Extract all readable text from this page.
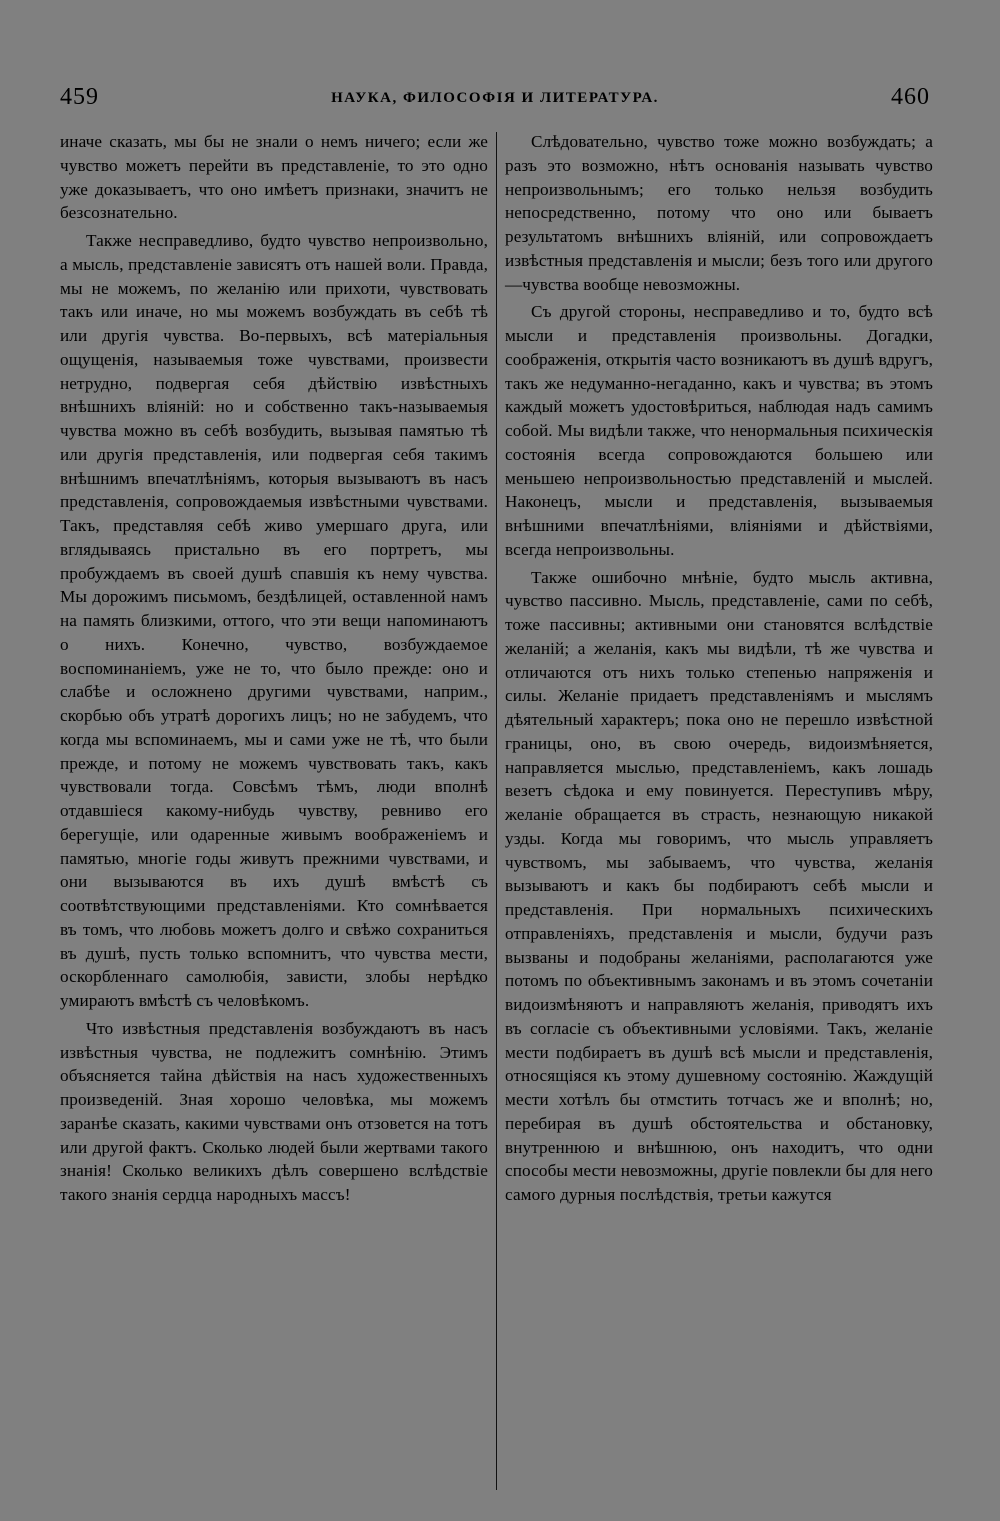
459	НАУКА, ФИЛОСОФІЯ И ЛИТЕРАТУРА.	460

иначе сказать, мы бы не знали о немъ ничего; если же чувство можетъ перейти въ представленіе, то это одно уже доказываетъ, что оно имѣетъ признаки, значитъ не безсознательно.

Также несправедливо, будто чувство непроизвольно, а мысль, представленіе зависятъ отъ нашей воли. Правда, мы не можемъ, по желанію или прихоти, чувствовать такъ или иначе, но мы можемъ возбуждать въ себѣ тѣ или другія чувства. Во-первыхъ, всѣ матеріальныя ощущенія, называемыя тоже чувствами, произвести нетрудно, подвергая себя дѣйствію извѣстныхъ внѣшнихъ вліяній: но и собственно такъ-называемыя чувства можно въ себѣ возбудить, вызывая памятью тѣ или другія представленія, или подвергая себя такимъ внѣшнимъ впечатлѣніямъ, которыя вызываютъ въ насъ представленія, сопровождаемыя извѣстными чувствами. Такъ, представляя себѣ живо умершаго друга, или вглядываясь пристально въ его портретъ, мы пробуждаемъ въ своей душѣ спавшія къ нему чувства. Мы дорожимъ письмомъ, бездѣлицей, оставленной намъ на память близкими, оттого, что эти вещи напоминаютъ о нихъ. Конечно, чувство, возбуждаемое воспоминаніемъ, уже не то, что было прежде: оно и слабѣе и осложнено другими чувствами, наприм., скорбью объ утратѣ дорогихъ лицъ; но не забудемъ, что когда мы вспоминаемъ, мы и сами уже не тѣ, что были прежде, и потому не можемъ чувствовать такъ, какъ чувствовали тогда. Совсѣмъ тѣмъ, люди вполнѣ отдавшіеся какому-нибудь чувству, ревниво его берегущіе, или одаренные живымъ воображеніемъ и памятью, многіе годы живутъ прежними чувствами, и они вызываются въ ихъ душѣ вмѣстѣ съ соотвѣтствующими представленіями. Кто сомнѣвается въ томъ, что любовь можетъ долго и свѣжо сохраниться въ душѣ, пусть только вспомнитъ, что чувства мести, оскорбленнаго самолюбія, зависти, злобы нерѣдко умираютъ вмѣстѣ съ человѣкомъ.

Что извѣстныя представленія возбуждаютъ въ насъ извѣстныя чувства, не подлежитъ сомнѣнію. Этимъ объясняется тайна дѣйствія на насъ художественныхъ произведеній. Зная хорошо человѣка, мы можемъ заранѣе сказать, какими чувствами онъ отзовется на тотъ или другой фактъ. Сколько людей были жертвами такого знанія! Сколько великихъ дѣлъ совершено вслѣдствіе такого знанія сердца народныхъ массъ!

Слѣдовательно, чувство тоже можно возбуждать; а разъ это возможно, нѣтъ основанія называть чувство непроизвольнымъ; его только нельзя возбудить непосредственно, потому что оно или бываетъ результатомъ внѣшнихъ вліяній, или сопровождаетъ извѣстныя представленія и мысли; безъ того или другого—чувства вообще невозможны.

Съ другой стороны, несправедливо и то, будто всѣ мысли и представленія произвольны. Догадки, соображенія, открытія часто возникаютъ въ душѣ вдругъ, такъ же недуманно-негаданно, какъ и чувства; въ этомъ каждый можетъ удостовѣриться, наблюдая надъ самимъ собой. Мы видѣли также, что ненормальныя психическія состоянія всегда сопровождаются большею или меньшею непроизвольностью представленій и мыслей. Наконецъ, мысли и представленія, вызываемыя внѣшними впечатлѣніями, вліяніями и дѣйствіями, всегда непроизвольны.

Также ошибочно мнѣніе, будто мысль активна, чувство пассивно. Мысль, представленіе, сами по себѣ, тоже пассивны; активными они становятся вслѣдствіе желаній; а желанія, какъ мы видѣли, тѣ же чувства и отличаются отъ нихъ только степенью напряженія и силы. Желаніе придаетъ представленіямъ и мыслямъ дѣятельный характеръ; пока оно не перешло извѣстной границы, оно, въ свою очередь, видоизмѣняется, направляется мыслью, представленіемъ, какъ лошадь везетъ сѣдока и ему повинуется. Переступивъ мѣру, желаніе обращается въ страсть, незнающую никакой узды. Когда мы говоримъ, что мысль управляетъ чувствомъ, мы забываемъ, что чувства, желанія вызываютъ и какъ бы подбираютъ себѣ мысли и представленія. При нормальныхъ психическихъ отправленіяхъ, представленія и мысли, будучи разъ вызваны и подобраны желаніями, располагаются уже потомъ по объективнымъ законамъ и въ этомъ сочетаніи видоизмѣняютъ и направляютъ желанія, приводятъ ихъ въ согласіе съ объективными условіями. Такъ, желаніе мести подбираетъ въ душѣ всѣ мысли и представленія, относящіяся къ этому душевному состоянію. Жаждущій мести хотѣлъ бы отмстить тотчасъ же и вполнѣ; но, перебирая въ душѣ обстоятельства и обстановку, внутреннюю и внѣшнюю, онъ находитъ, что одни способы мести невозможны, другіе повлекли бы для него самого дурныя послѣдствія, третьи кажутся
